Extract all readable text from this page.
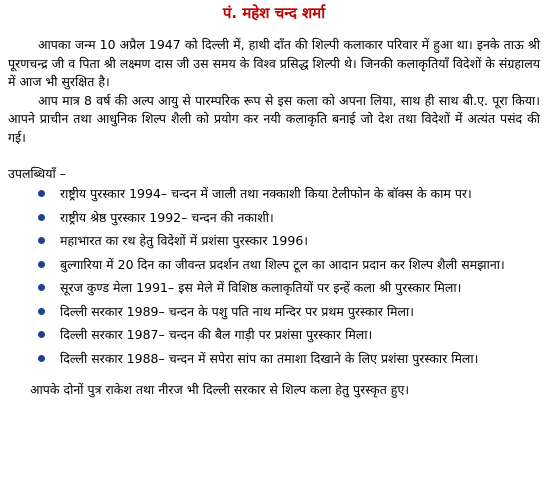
पं. महेश चन्द शर्मा

आपका जन्म 10 अप्रैल 1947 को दिल्ली में, हाथी दाँत की शिल्पी कलाकार परिवार में हुआ था। इनके ताऊ श्री पूरणचन्द्र जी व पिता श्री लक्ष्मण दास जी उस समय के विश्व प्रसिद्ध शिल्पी थे। जिनकी कलाकृतियाँ विदेशों के संग्रहालय में आज भी सुरक्षित है।

आप मात्र 8 वर्ष की अल्प आयु से पारम्परिक रूप से इस कला को अपना लिया, साथ ही साथ बी.ए. पूरा किया। आपने प्राचीन तथा आधुनिक शिल्प शैली को प्रयोग कर नयी कलाकृति बनाई जो देश तथा विदेशों में अत्यंत पसंद की गई।

उपलब्धियाँ –

राष्ट्रीय पुरस्कार 1994– चन्दन में जाली तथा नक्काशी किया टेलीफोन के बॉक्स के काम पर।
राष्ट्रीय श्रेष्ठ पुरस्कार 1992– चन्दन की नकाशी।
महाभारत का रथ हेतु विदेशों में प्रशंसा पुरस्कार 1996।
बुल्गारिया में 20 दिन का जीवन्त प्रदर्शन तथा शिल्प टूल का आदान प्रदान कर शिल्प शैली समझाना।
सूरज कुण्ड मेला 1991– इस मेले में विशिष्ठ कलाकृतियों पर इन्हें कला श्री पुरस्कार मिला।
दिल्ली सरकार 1989– चन्दन के पशु पति नाथ मन्दिर पर प्रथम पुरस्कार मिला।
दिल्ली सरकार 1987– चन्दन की बैल गाड़ी पर प्रशंसा पुरस्कार मिला।
दिल्ली सरकार 1988– चन्दन में सपेरा सांप का तमाशा दिखाने के लिए प्रशंसा पुरस्कार मिला।

आपके दोनों पुत्र राकेश तथा नीरज भी दिल्ली सरकार से शिल्प कला हेतु पुरस्कृत हुए।
